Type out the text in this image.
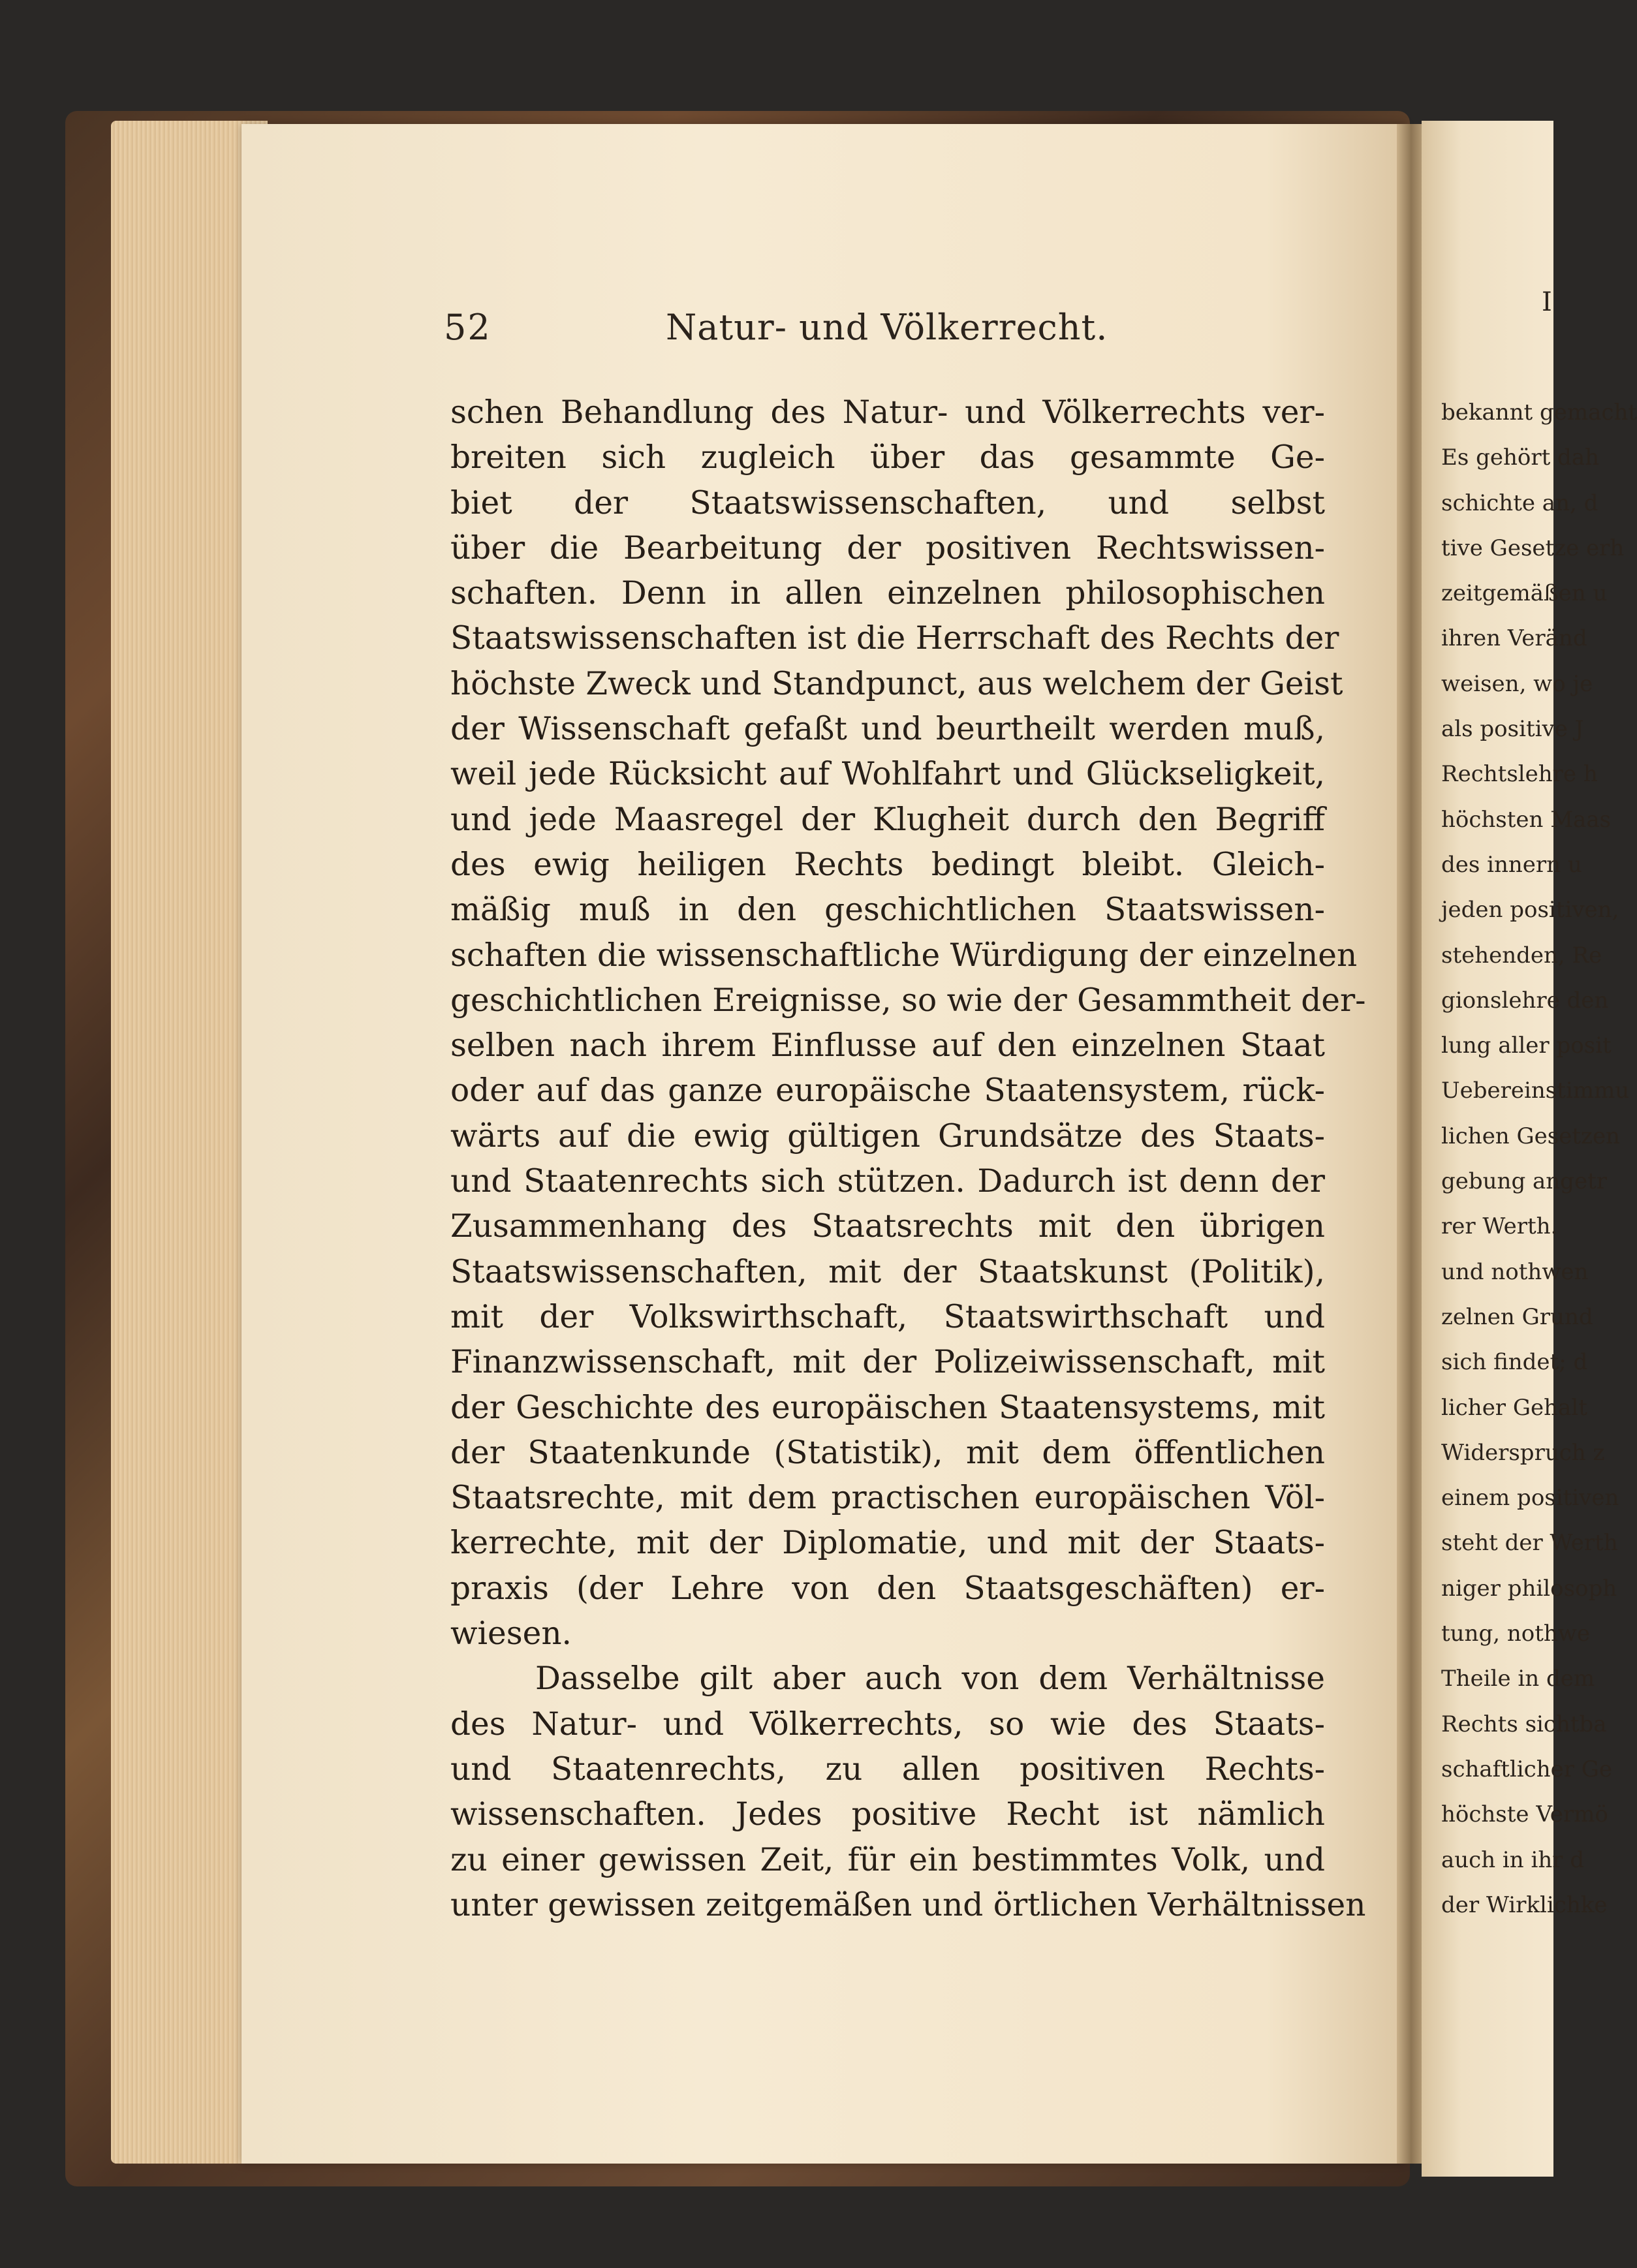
52	Natur- und Völkerrecht.
schen Behandlung des Natur- und Völkerrechts ver-
breiten sich zugleich über das gesammte Ge-
biet der Staatswissenschaften, und selbst
über die Bearbeitung der positiven Rechtswissen-
schaften. Denn in allen einzelnen philosophischen
Staatswissenschaften ist die Herrschaft des Rechts der
höchste Zweck und Standpunct, aus welchem der Geist
der Wissenschaft gefaßt und beurtheilt werden muß,
weil jede Rücksicht auf Wohlfahrt und Glückseligkeit,
und jede Maasregel der Klugheit durch den Begriff
des ewig heiligen Rechts bedingt bleibt. Gleich-
mäßig muß in den geschichtlichen Staatswissen-
schaften die wissenschaftliche Würdigung der einzelnen
geschichtlichen Ereignisse, so wie der Gesammtheit der-
selben nach ihrem Einflusse auf den einzelnen Staat
oder auf das ganze europäische Staatensystem, rück-
wärts auf die ewig gültigen Grundsätze des Staats-
und Staatenrechts sich stützen. Dadurch ist denn der
Zusammenhang des Staatsrechts mit den übrigen
Staatswissenschaften, mit der Staatskunst (Politik),
mit der Volkswirthschaft, Staatswirthschaft und
Finanzwissenschaft, mit der Polizeiwissenschaft, mit
der Geschichte des europäischen Staatensystems, mit
der Staatenkunde (Statistik), mit dem öffentlichen
Staatsrechte, mit dem practischen europäischen Völ-
kerrechte, mit der Diplomatie, und mit der Staats-
praxis (der Lehre von den Staatsgeschäften) er-
wiesen.
Dasselbe gilt aber auch von dem Verhältnisse
des Natur- und Völkerrechts, so wie des Staats-
und Staatenrechts, zu allen positiven Rechts-
wissenschaften. Jedes positive Recht ist nämlich
zu einer gewissen Zeit, für ein bestimmtes Volk, und
unter gewissen zeitgemäßen und örtlichen Verhältnissen
I
bekannt gemacht
Es gehört dah
schichte an, d
tive Gesetze erh
zeitgemäßen u
ihren Veränd
weisen, wo je
als positive J
Rechtslehre h
höchsten Maas
des innern u
jeden positiven,
stehenden, Re
gionslehre den
lung aller posit
Uebereinstimmu
lichen Gesetzen
gebung angetr
rer Werth.
und nothwen
zelnen Grund
sich findet; d
licher Gehalt
Widerspruch z
einem positiven
steht der Werth
niger philosoph
tung, nothwe
Theile in dem
Rechts sichtba
schaftlicher Ge
höchste Vermö
auch in ihr d
der Wirklichke
